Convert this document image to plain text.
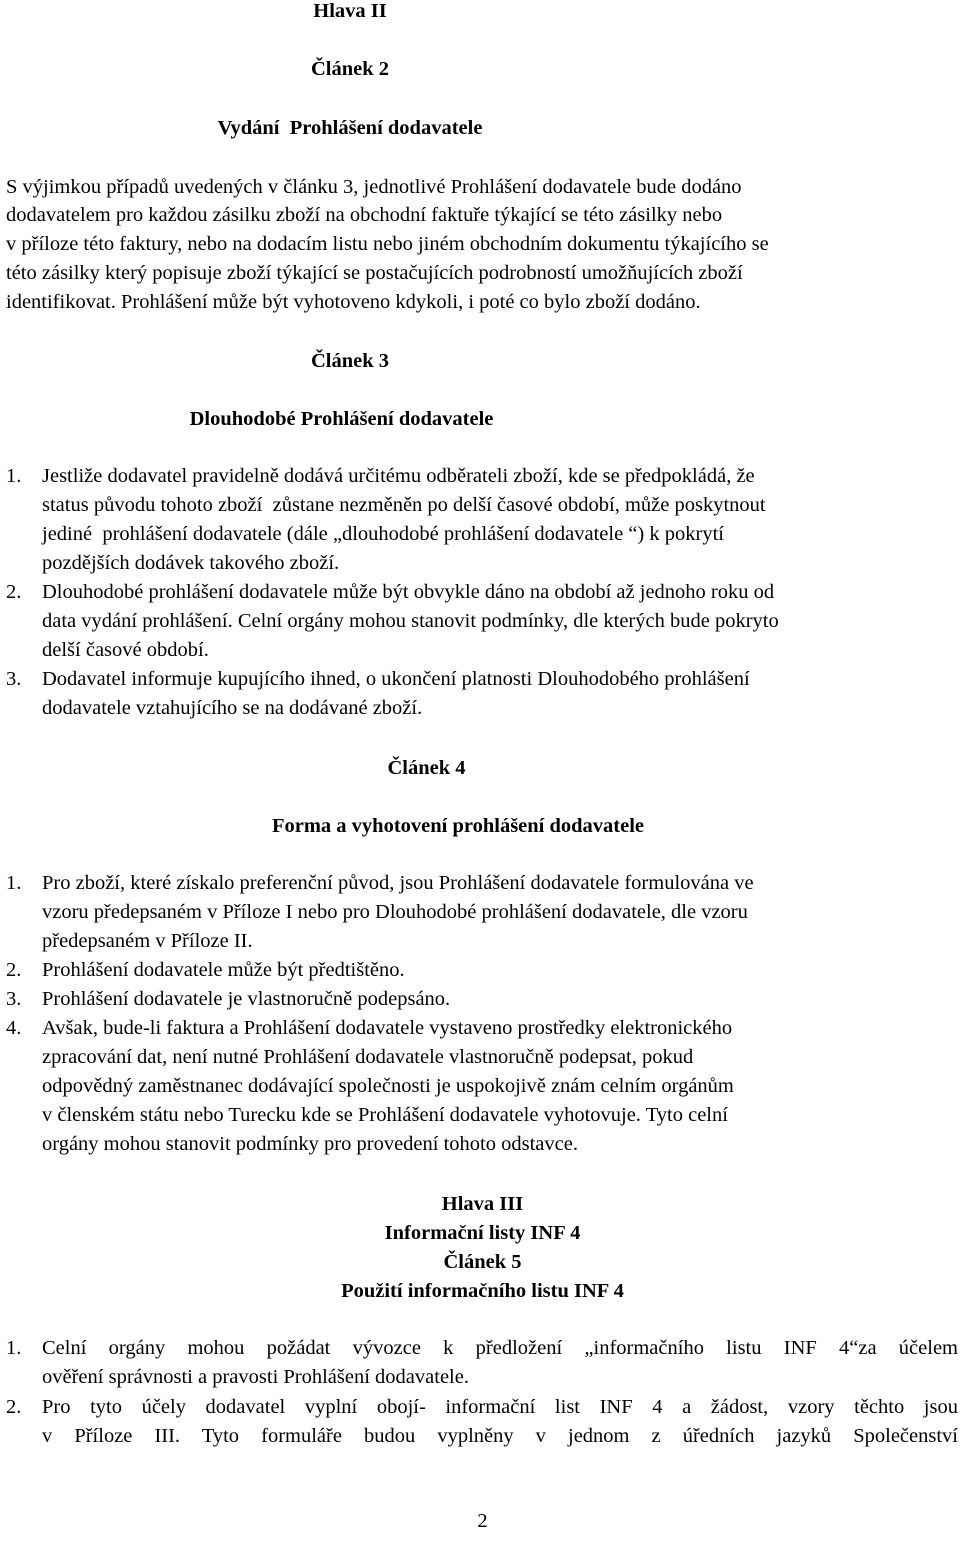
Hlava II
Článek 2
Vydání  Prohlášení dodavatele
S výjimkou případů uvedených v článku 3, jednotlivé Prohlášení dodavatele bude dodáno
dodavatelem pro každou zásilku zboží na obchodní faktuře týkající se této zásilky nebo
v příloze této faktury, nebo na dodacím listu nebo jiném obchodním dokumentu týkajícího se
této zásilky který popisuje zboží týkající se postačujících podrobností umožňujících zboží
identifikovat. Prohlášení může být vyhotoveno kdykoli, i poté co bylo zboží dodáno.
Článek 3
Dlouhodobé Prohlášení dodavatele
1. Jestliže dodavatel pravidelně dodává určitému odběrateli zboží, kde se předpokládá, že
status původu tohoto zboží  zůstane nezměněn po delší časové období, může poskytnout
jediné  prohlášení dodavatele (dále „dlouhodobé prohlášení dodavatele “) k pokrytí
pozdějších dodávek takového zboží.
2. Dlouhodobé prohlášení dodavatele může být obvykle dáno na období až jednoho roku od
data vydání prohlášení. Celní orgány mohou stanovit podmínky, dle kterých bude pokryto
delší časové období.
3. Dodavatel informuje kupujícího ihned, o ukončení platnosti Dlouhodobého prohlášení
dodavatele vztahujícího se na dodávané zboží.
Článek 4
Forma a vyhotovení prohlášení dodavatele
1. Pro zboží, které získalo preferenční původ, jsou Prohlášení dodavatele formulována ve
vzoru předepsaném v Příloze I nebo pro Dlouhodobé prohlášení dodavatele, dle vzoru
předepsaném v Příloze II.
2. Prohlášení dodavatele může být předtištěno.
3. Prohlášení dodavatele je vlastnoručně podepsáno.
4. Avšak, bude-li faktura a Prohlášení dodavatele vystaveno prostředky elektronického
zpracování dat, není nutné Prohlášení dodavatele vlastnoručně podepsat, pokud
odpovědný zaměstnanec dodávající společnosti je uspokojivě znám celním orgánům
v členském státu nebo Turecku kde se Prohlášení dodavatele vyhotovuje. Tyto celní
orgány mohou stanovit podmínky pro provedení tohoto odstavce.
Hlava III
Informační listy INF 4
Článek 5
Použití informačního listu INF 4
1. Celní orgány mohou požádat vývozce k předložení „informačního listu INF 4“za účelem
ověření správnosti a pravosti Prohlášení dodavatele.
2. Pro tyto účely dodavatel vyplní obojí- informační list INF 4 a žádost, vzory těchto jsou
v Příloze III. Tyto formuláře budou vyplněny v jednom z úředních jazyků Společenství
2
